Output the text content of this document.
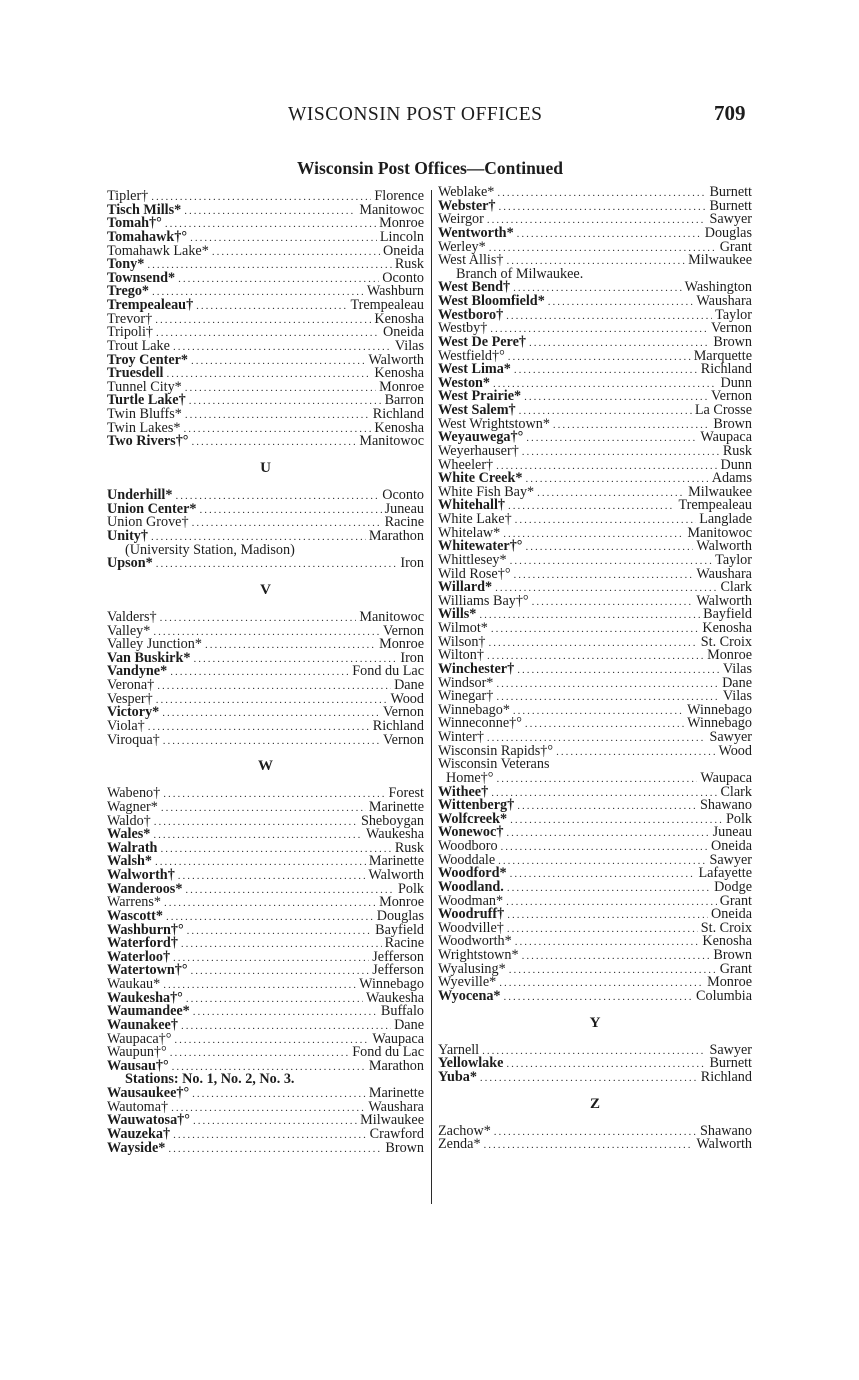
WISCONSIN POST OFFICES	709
Wisconsin Post Offices—Continued
Tipler† .....	Florence
Tisch Mills* .....	Manitowoc
Tomah†° .....	Monroe
Tomahawk†° .....	Lincoln
Tomahawk Lake* .....	Oneida
Tony* .....	Rusk
Townsend* .....	Oconto
Trego* .....	Washburn
Trempealeau† .....	Trempealeau
Trevor† .....	Kenosha
Tripoli† .....	Oneida
Trout Lake .....	Vilas
Troy Center* .....	Walworth
Truesdell .....	Kenosha
Tunnel City* .....	Monroe
Turtle Lake† .....	Barron
Twin Bluffs* .....	Richland
Twin Lakes* .....	Kenosha
Two Rivers†° .....	Manitowoc
U
Underhill* .....	Oconto
Union Center* .....	Juneau
Union Grove† .....	Racine
Unity† .....	Marathon
(University Station, Madison)
Upson* .....	Iron
V
Valders† .....	Manitowoc
Valley* .....	Vernon
Valley Junction* .....	Monroe
Van Buskirk* .....	Iron
Vandyne* .....	Fond du Lac
Verona† .....	Dane
Vesper† .....	Wood
Victory* .....	Vernon
Viola† .....	Richland
Viroqua† .....	Vernon
W
Wabeno† .....	Forest
Wagner* .....	Marinette
Waldo† .....	Sheboygan
Wales* .....	Waukesha
Walrath .....	Rusk
Walsh* .....	Marinette
Walworth† .....	Walworth
Wanderoos* .....	Polk
Warrens* .....	Monroe
Wascott* .....	Douglas
Washburn†° .....	Bayfield
Waterford† .....	Racine
Waterloo† .....	Jefferson
Watertown†° .....	Jefferson
Waukau* .....	Winnebago
Waukesha†° .....	Waukesha
Waumandee* .....	Buffalo
Waunakee† .....	Dane
Waupaca†° .....	Waupaca
Waupun†° .....	Fond du Lac
Wausau†° .....	Marathon
Stations: No. 1, No. 2, No. 3.
Wausaukee†° .....	Marinette
Wautoma† .....	Waushara
Wauwatosa†° .....	Milwaukee
Wauzeka† .....	Crawford
Wayside* .....	Brown
Weblake* .....	Burnett
Webster† .....	Burnett
Weirgor .....	Sawyer
Wentworth* .....	Douglas
Werley* .....	Grant
West Allis† .....	Milwaukee
Branch of Milwaukee.
West Bend† .....	Washington
West Bloomfield* .....	Waushara
Westboro† .....	Taylor
Westby† .....	Vernon
West De Pere† .....	Brown
Westfield†° .....	Marquette
West Lima* .....	Richland
Weston* .....	Dunn
West Prairie* .....	Vernon
West Salem† .....	La Crosse
West Wrightstown* .....	Brown
Weyauwega†° .....	Waupaca
Weyerhauser† .....	Rusk
Wheeler† .....	Dunn
White Creek* .....	Adams
White Fish Bay* .....	Milwaukee
Whitehall† .....	Trempealeau
White Lake† .....	Langlade
Whitelaw* .....	Manitowoc
Whitewater†° .....	Walworth
Whittlesey* .....	Taylor
Wild Rose†° .....	Waushara
Willard* .....	Clark
Williams Bay†° .....	Walworth
Wills* .....	Bayfield
Wilmot* .....	Kenosha
Wilson† .....	St. Croix
Wilton† .....	Monroe
Winchester† .....	Vilas
Windsor* .....	Dane
Winegar† .....	Vilas
Winnebago* .....	Winnebago
Winneconne†° .....	Winnebago
Winter† .....	Sawyer
Wisconsin Rapids†° .....	Wood
Wisconsin Veterans
Home†° .....	Waupaca
Withee† .....	Clark
Wittenberg† .....	Shawano
Wolfcreek* .....	Polk
Wonewoc† .....	Juneau
Woodboro .....	Oneida
Wooddale .....	Sawyer
Woodford* .....	Lafayette
Woodland. .....	Dodge
Woodman* .....	Grant
Woodruff† .....	Oneida
Woodville† .....	St. Croix
Woodworth* .....	Kenosha
Wrightstown* .....	Brown
Wyalusing* .....	Grant
Wyeville* .....	Monroe
Wyocena* .....	Columbia
Y
Yarnell .....	Sawyer
Yellowlake .....	Burnett
Yuba* .....	Richland
Z
Zachow* .....	Shawano
Zenda* .....	Walworth
